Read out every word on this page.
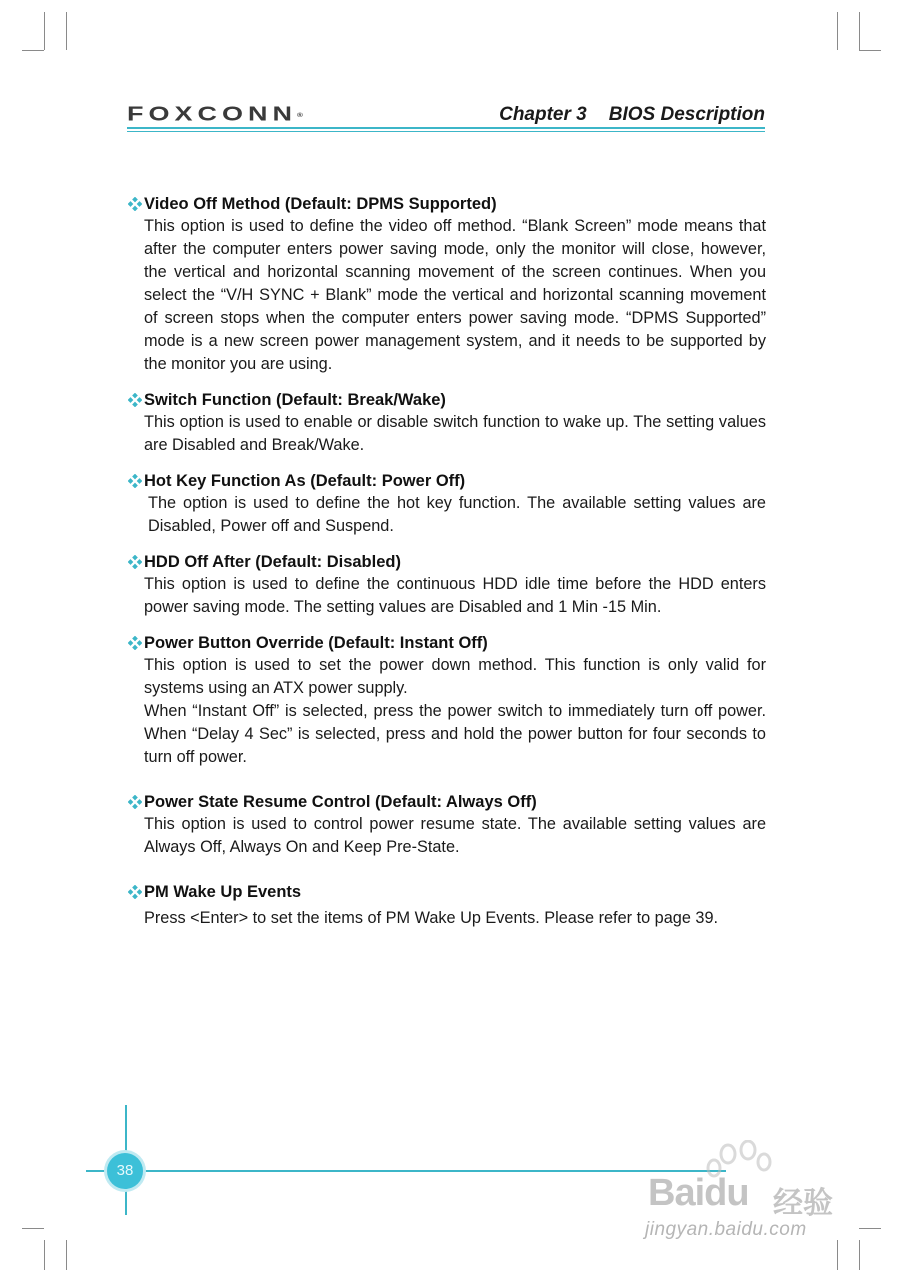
FOXCONN®	Chapter 3 BIOS Description
Video Off Method (Default: DPMS Supported)
This option is used to define the video off method. “Blank Screen” mode means that after the computer enters power saving mode, only the monitor will close, however, the vertical and horizontal scanning movement of the screen continues. When you select the “V/H SYNC + Blank” mode the vertical and horizontal scanning movement of screen stops when the computer enters power saving mode. “DPMS Supported” mode is a new screen power management system, and it needs to be supported by the monitor you are using.
Switch Function (Default: Break/Wake)
This option is used to enable or disable switch function to wake up. The setting values are Disabled and Break/Wake.
Hot Key Function As (Default: Power Off)
The option is used to define the hot key function. The available setting values are Disabled, Power off and Suspend.
HDD Off After (Default: Disabled)
This option is used to define the continuous HDD idle time before the HDD enters power saving mode. The setting values are Disabled and 1 Min -15 Min.
Power Button Override (Default: Instant Off)
This option is used to set the power down method. This function is only valid for systems using an ATX power supply.
When “Instant Off” is selected, press the power switch to immediately turn off power. When “Delay 4 Sec” is selected, press and hold the power button for four seconds to turn off power.
Power State Resume Control (Default: Always Off)
This option is used to control power resume state. The available setting values are Always Off, Always On and Keep Pre-State.
PM Wake Up Events
Press <Enter> to set the items of PM Wake Up Events. Please refer to page 39.
38
Baidu 经验
jingyan.baidu.com
